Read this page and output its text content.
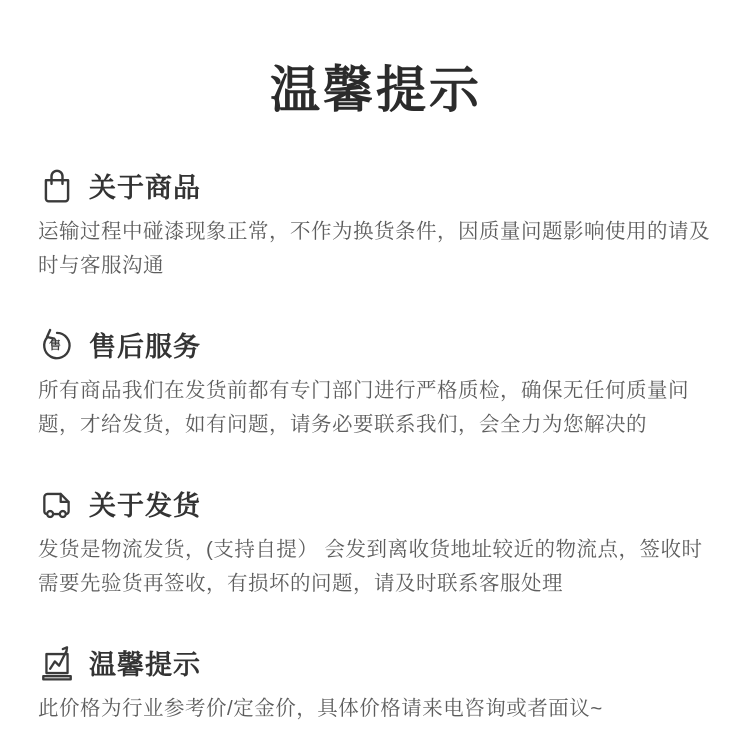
温馨提示
关于商品
运输过程中碰漆现象正常，不作为换货条件，因质量问题影响使用的请及时与客服沟通
售	售后服务
所有商品我们在发货前都有专门部门进行严格质检，确保无任何质量问题，才给发货，如有问题，请务必要联系我们，会全力为您解决的
关于发货
发货是物流发货，(支持自提） 会发到离收货地址较近的物流点，签收时需要先验货再签收，有损坏的问题，请及时联系客服处理
温馨提示
此价格为行业参考价/定金价，具体价格请来电咨询或者面议~
